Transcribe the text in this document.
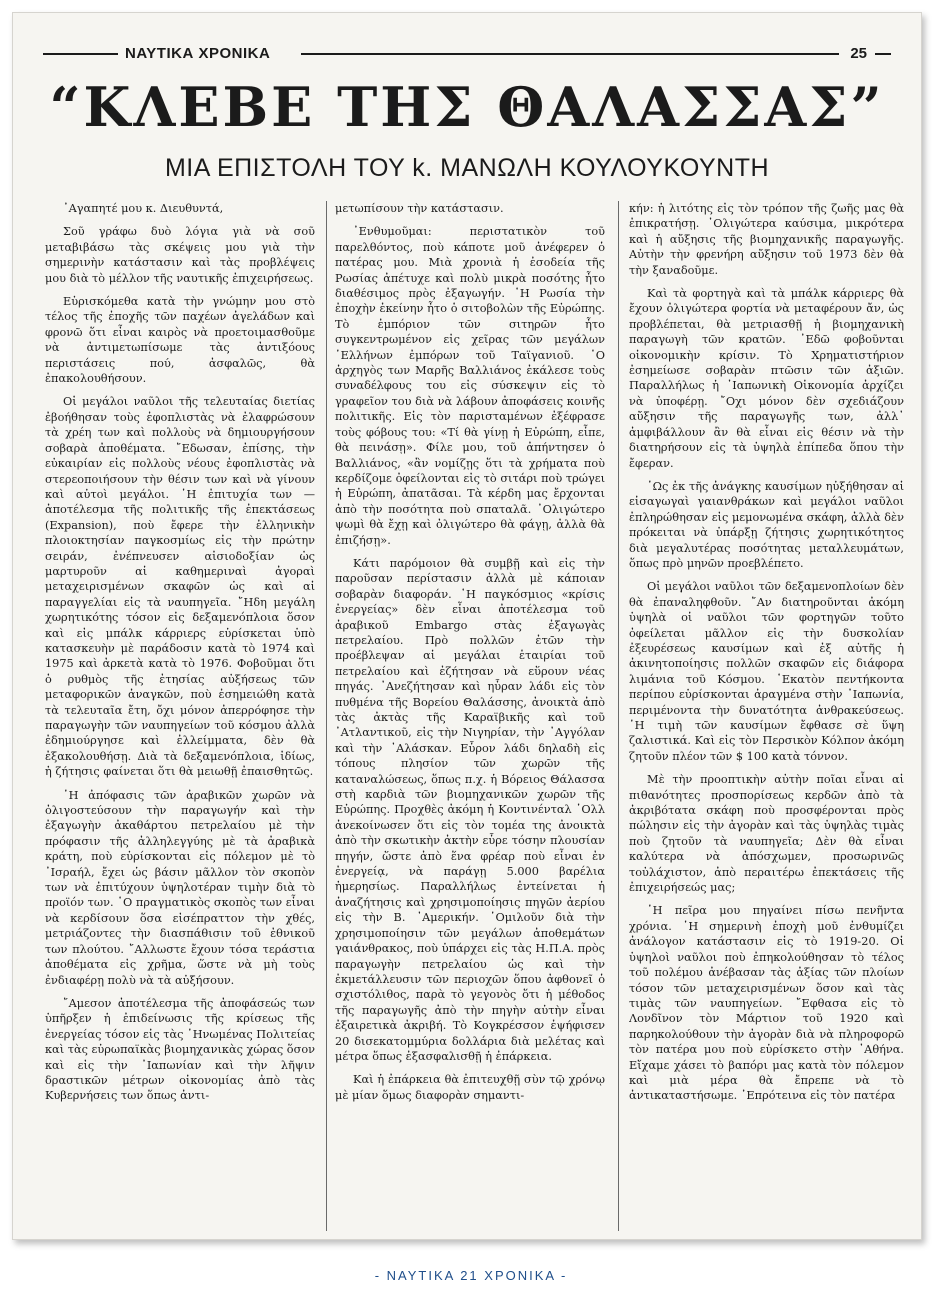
ΝΑΥΤΙΚΑ ΧΡΟΝΙΚΑ	25
“ΚΛΕΒΕ ΤΗΣ ΘΑΛΑΣΣΑΣ”
ΜΙΑ ΕΠΙΣΤΟΛΗ ΤΟΥ k. ΜΑΝΩΛΗ ΚΟΥΛΟΥΚΟΥΝΤΗ

᾿Αγαπητέ μου κ. Διευθυντά,

Σοῦ γράφω δυὸ λόγια γιὰ νὰ σοῦ μεταβιβάσω τὰς σκέψεις μου γιὰ τὴν σημερινὴν κατάστασιν καὶ τὰς προβλέψεις μου διὰ τὸ μέλλον τῆς ναυτικῆς ἐπιχειρήσεως.

Εὑρισκόμεθα κατὰ τὴν γνώμην μου στὸ τέλος τῆς ἐποχῆς τῶν παχέων ἀγελάδων καὶ φρονῶ ὅτι εἶναι καιρὸς νὰ προετοιμασθοῦμε νὰ ἀντιμετωπίσωμε τὰς ἀντιξόους περιστάσεις πού, ἀσφαλῶς, θὰ ἐπακολουθήσουν.

Οἱ μεγάλοι ναῦλοι τῆς τελευταίας διετίας ἐβοήθησαν τοὺς ἐφοπλιστὰς νὰ ἐλαφρώσουν τὰ χρέη των καὶ πολλοὺς νὰ δημιουργήσουν σοβαρὰ ἀποθέματα. ῎Εδωσαν, ἐπίσης, τὴν εὐκαιρίαν εἰς πολλοὺς νέους ἐφοπλιστὰς νὰ στερεοποιήσουν τὴν θέσιν των καὶ νὰ γίνουν καὶ αὐτοὶ μεγάλοι. ῾Η ἐπιτυχία των —ἀποτέλεσμα τῆς πολιτικῆς τῆς ἐπεκτάσεως (Expansion), ποὺ ἔφερε τὴν ἑλληνικὴν πλοιοκτησίαν παγκοσμίως εἰς τὴν πρώτην σειράν, ἐνέπνευσεν αἰσιοδοξίαν ὡς μαρτυροῦν αἱ καθημεριναὶ ἀγοραὶ μεταχειρισμένων σκαφῶν ὡς καὶ αἱ παραγγελίαι εἰς τὰ ναυπηγεῖα. ῎Ηδη μεγάλη χωρητικότης τόσον εἰς δεξαμενόπλοια ὅσον καὶ εἰς μπάλκ κάρριερς εὑρίσκεται ὑπὸ κατασκευὴν μὲ παράδοσιν κατὰ τὸ 1974 καὶ 1975 καὶ ἀρκετὰ κατὰ τὸ 1976. Φοβοῦμαι ὅτι ὁ ρυθμὸς τῆς ἐτησίας αὐξήσεως τῶν μεταφορικῶν ἀναγκῶν, ποὺ ἐσημειώθη κατὰ τὰ τελευταῖα ἔτη, ὄχι μόνον ἀπερρόφησε τὴν παραγωγὴν τῶν ναυπηγείων τοῦ κόσμου ἀλλὰ ἐδημιούργησε καὶ ἐλλείμματα, δὲν θὰ ἐξακολουθήσῃ. Διὰ τὰ δεξαμενόπλοια, ἰδίως, ἡ ζήτησις φαίνεται ὅτι θὰ μειωθῇ ἐπαισθητῶς.

῾Η ἀπόφασις τῶν ἀραβικῶν χωρῶν νὰ ὀλιγοστεύσουν τὴν παραγωγήν καὶ τὴν ἐξαγωγὴν ἀκαθάρτου πετρελαίου μὲ τὴν πρόφασιν τῆς ἀλληλεγγύης μὲ τὰ ἀραβικὰ κράτη, ποὺ εὑρίσκονται εἰς πόλεμον μὲ τὸ ᾿Ισραήλ, ἔχει ὡς βάσιν μᾶλλον τὸν σκοπὸν των νὰ ἐπιτύχουν ὑψηλοτέραν τιμὴν διὰ τὸ προϊόν των. ῾Ο πραγματικὸς σκοπὸς των εἶναι νὰ κερδίσουν ὅσα εἰσέπραττον τὴν χθές, μετριάζοντες τὴν διασπάθισιν τοῦ ἐθνικοῦ των πλούτου. ῎Αλλωστε ἔχουν τόσα τεράστια ἀποθέματα εἰς χρῆμα, ὥστε νὰ μὴ τοὺς ἐνδιαφέρῃ πολὺ νὰ τὰ αὐξήσουν.

῎Αμεσον ἀποτέλεσμα τῆς ἀποφάσεώς των ὑπῆρξεν ἡ ἐπιδείνωσις τῆς κρίσεως τῆς ἐνεργείας τόσον εἰς τὰς ῾Ηνωμένας Πολιτείας καὶ τὰς εὐρωπαϊκὰς βιομηχανικὰς χώρας ὅσον καὶ εἰς τὴν ᾿Ιαπωνίαν καὶ τὴν λῆψιν δραστικῶν μέτρων οἰκονομίας ἀπὸ τὰς Κυβερνήσεις των ὅπως ἀντι-

μετωπίσουν τὴν κατάστασιν.

᾿Ενθυμοῦμαι: περιστατικὸν τοῦ παρελθόντος, ποὺ κάποτε μοῦ ἀνέφερεν ὁ πατέρας μου. Μιὰ χρονιὰ ἡ ἐσοδεία τῆς Ρωσίας ἀπέτυχε καὶ πολὺ μικρὰ ποσότης ἦτο διαθέσιμος πρὸς ἐξαγωγήν. ῾Η Ρωσία τὴν ἐποχὴν ἐκείνην ἦτο ὁ σιτοβολὼν τῆς Εὐρώπης. Τὸ ἐμπόριον τῶν σιτηρῶν ἦτο συγκεντρωμένον εἰς χεῖρας τῶν μεγάλων ῾Ελλήνων ἐμπόρων τοῦ Ταϊγανιοῦ. ῾Ο ἀρχηγὸς των Μαρῆς Βαλλιάνος ἐκάλεσε τοὺς συναδέλφους του εἰς σύσκεψιν εἰς τὸ γραφεῖον του διὰ νὰ λάβουν ἀποφάσεις κοινῆς πολιτικῆς. Εἰς τὸν παρισταμένων ἐξέφρασε τοὺς φόβους του: «Τί θὰ γίνῃ ἡ Εὐρώπη, εἶπε, θὰ πεινάσῃ». Φίλε μου, τοῦ ἀπήντησεν ὁ Βαλλιάνος, «ἂν νομίζῃς ὅτι τὰ χρήματα ποὺ κερδίζομε ὀφείλονται εἰς τὸ σιτάρι ποὺ τρώγει ἡ Εὐρώπη, ἀπατᾶσαι. Τὰ κέρδη μας ἔρχονται ἀπὸ τὴν ποσότητα ποὺ σπαταλᾶ. ᾿Ολιγώτερο ψωμὶ θὰ ἔχῃ καὶ ὀλιγώτερο θὰ φάγῃ, ἀλλὰ θὰ ἐπιζήσῃ».

Κάτι παρόμοιον θὰ συμβῇ καὶ εἰς τὴν παροῦσαν περίστασιν ἀλλὰ μὲ κάποιαν σοβαρὰν διαφοράν. ῾Η παγκόσμιος «κρίσις ἐνεργείας» δὲν εἶναι ἀποτέλεσμα τοῦ ἀραβικοῦ Embargo στὰς ἐξαγωγὰς πετρελαίου. Πρὸ πολλῶν ἐτῶν τὴν προέβλεψαν αἱ μεγάλαι ἑταιρίαι τοῦ πετρελαίου καὶ ἐζήτησαν νὰ εὕρουν νέας πηγάς. ᾿Ανεζήτησαν καὶ ηὗραν λάδι εἰς τὸν πυθμένα τῆς Βορείου Θαλάσσης, ἀνοικτὰ ἀπὸ τὰς ἀκτὰς τῆς Καραϊβικῆς καὶ τοῦ ᾿Ατλαντικοῦ, εἰς τὴν Νιγηρίαν, τὴν ᾿Αγγόλαν καὶ τὴν ᾿Αλάσκαν. Εὗρον λάδι δηλαδὴ εἰς τόπους πλησίον τῶν χωρῶν τῆς καταναλώσεως, ὅπως π.χ. ἡ Βόρειος Θάλασσα στὴ καρδιὰ τῶν βιομηχανικῶν χωρῶν τῆς Εὐρώπης. Προχθὲς ἀκόμη ἡ Κοντινένταλ ῾Ολλ ἀνεκοίνωσεν ὅτι εἰς τὸν τομέα της ἀνοικτὰ ἀπὸ τὴν σκωτικὴν ἀκτὴν εὗρε τόσην πλουσίαν πηγήν, ὥστε ἀπὸ ἕνα φρέαρ ποὺ εἶναι ἐν ἐνεργείᾳ, νὰ παράγῃ 5.000 βαρέλια ἡμερησίως. Παραλλήλως ἐντείνεται ἡ ἀναζήτησις καὶ χρησιμοποίησις πηγῶν ἀερίου εἰς τὴν Β. ᾿Αμερικήν. ῾Ομιλοῦν διὰ τὴν χρησιμοποίησιν τῶν μεγάλων ἀποθεμάτων γαιάνθρακος, ποὺ ὑπάρχει εἰς τὰς Η.Π.Α. πρὸς παραγωγὴν πετρελαίου ὡς καὶ τὴν ἐκμετάλλευσιν τῶν περιοχῶν ὅπου ἀφθονεῖ ὁ σχιστόλιθος, παρὰ τὸ γεγονὸς ὅτι ἡ μέθοδος τῆς παραγωγῆς ἀπὸ τὴν πηγὴν αὐτὴν εἶναι ἐξαιρετικὰ ἀκριβή. Τὸ Κογκρέσσον ἐψήφισεν 20 δισεκατομμύρια δολλάρια διὰ μελέτας καὶ μέτρα ὅπως ἐξασφαλισθῇ ἡ ἐπάρκεια.

Καὶ ἡ ἐπάρκεια θὰ ἐπιτευχθῇ σὺν τῷ χρόνῳ μὲ μίαν ὅμως διαφορὰν σημαντι-

κήν: ἡ λιτότης εἰς τὸν τρόπον τῆς ζωῆς μας θὰ ἐπικρατήσῃ. ᾿Ολιγώτερα καύσιμα, μικρότερα καὶ ἡ αὔξησις τῆς βιομηχανικῆς παραγωγῆς. Αὐτὴν τὴν φρενήρη αὔξησιν τοῦ 1973 δὲν θὰ τὴν ξαναδοῦμε.

Καὶ τὰ φορτηγὰ καὶ τὰ μπάλκ κάρριερς θὰ ἔχουν ὀλιγώτερα φορτία νὰ μεταφέρουν ἄν, ὡς προβλέπεται, θὰ μετριασθῇ ἡ βιομηχανικὴ παραγωγὴ τῶν κρατῶν. ᾿Εδῶ φοβοῦνται οἰκονομικὴν κρίσιν. Τὸ Χρηματιστήριον ἐσημείωσε σοβαρὰν πτῶσιν τῶν ἀξιῶν. Παραλλήλως ἡ ᾿Ιαπωνικὴ Οἰκονομία ἀρχίζει νὰ ὑποφέρῃ. ῎Οχι μόνον δὲν σχεδιάζουν αὔξησιν τῆς παραγωγῆς των, ἀλλ᾿ ἀμφιβάλλουν ἂν θὰ εἶναι εἰς θέσιν νὰ τὴν διατηρήσουν εἰς τὰ ὑψηλὰ ἐπίπεδα ὅπου τὴν ἔφεραν.

῾Ως ἐκ τῆς ἀνάγκης καυσίμων ηὐξήθησαν αἱ εἰσαγωγαὶ γαιανθράκων καὶ μεγάλοι ναῦλοι ἐπληρώθησαν εἰς μεμονωμένα σκάφη, ἀλλὰ δὲν πρόκειται νὰ ὑπάρξῃ ζήτησις χωρητικότητος διὰ μεγαλυτέρας ποσότητας μεταλλευμάτων, ὅπως πρὸ μηνῶν προεβλέπετο.

Οἱ μεγάλοι ναῦλοι τῶν δεξαμενοπλοίων δὲν θὰ ἐπαναληφθοῦν. ῎Αν διατηροῦνται ἀκόμη ὑψηλὰ οἱ ναῦλοι τῶν φορτηγῶν τοῦτο ὀφείλεται μᾶλλον εἰς τὴν δυσκολίαν ἐξευρέσεως καυσίμων καὶ ἐξ αὐτῆς ἡ ἀκινητοποίησις πολλῶν σκαφῶν εἰς διάφορα λιμάνια τοῦ Κόσμου. ῾Εκατὸν πεντήκοντα περίπου εὑρίσκονται ἀραγμένα στὴν ᾿Ιαπωνία, περιμένοντα τὴν δυνατότητα ἀνθρακεύσεως. ῾Η τιμὴ τῶν καυσίμων ἔφθασε σὲ ὕψη ζαλιστικά. Καὶ εἰς τὸν Περσικὸν Κόλπον ἀκόμη ζητοῦν πλέον τῶν $ 100 κατὰ τόννον.

Μὲ τὴν προοπτικὴν αὐτὴν ποῖαι εἶναι αἱ πιθανότητες προσπορίσεως κερδῶν ἀπὸ τὰ ἀκριβότατα σκάφη ποὺ προσφέρονται πρὸς πώλησιν εἰς τὴν ἀγορὰν καὶ τὰς ὑψηλὰς τιμὰς ποὺ ζητοῦν τὰ ναυπηγεῖα; Δὲν θὰ εἶναι καλύτερα νὰ ἀπόσχωμεν, προσωρινῶς τοὐλάχιστον, ἀπὸ περαιτέρω ἐπεκτάσεις τῆς ἐπιχειρήσεώς μας;

῾Η πεῖρα μου πηγαίνει πίσω πενῆντα χρόνια. ῾Η σημερινὴ ἐποχὴ μοῦ ἐνθυμίζει ἀνάλογον κατάστασιν εἰς τὸ 1919-20. Οἱ ὑψηλοὶ ναῦλοι ποὺ ἐπηκολούθησαν τὸ τέλος τοῦ πολέμου ἀνέβασαν τὰς ἀξίας τῶν πλοίων τόσον τῶν μεταχειρισμένων ὅσον καὶ τὰς τιμὰς τῶν ναυπηγείων. ῎Εφθασα εἰς τὸ Λονδῖνον τὸν Μάρτιον τοῦ 1920 καὶ παρηκολούθουν τὴν ἀγορὰν διὰ νὰ πληροφορῶ τὸν πατέρα μου ποὺ εὑρίσκετο στὴν ᾿Αθήνα. Εἴχαμε χάσει τὸ βαπόρι μας κατὰ τὸν πόλεμον καὶ μιὰ μέρα θὰ ἔπρεπε νὰ τὸ ἀντικαταστήσωμε. ᾿Επρότεινα εἰς τὸν πατέρα

- ΝΑΥΤΙΚΑ 21 ΧΡΟΝΙΚΑ -
